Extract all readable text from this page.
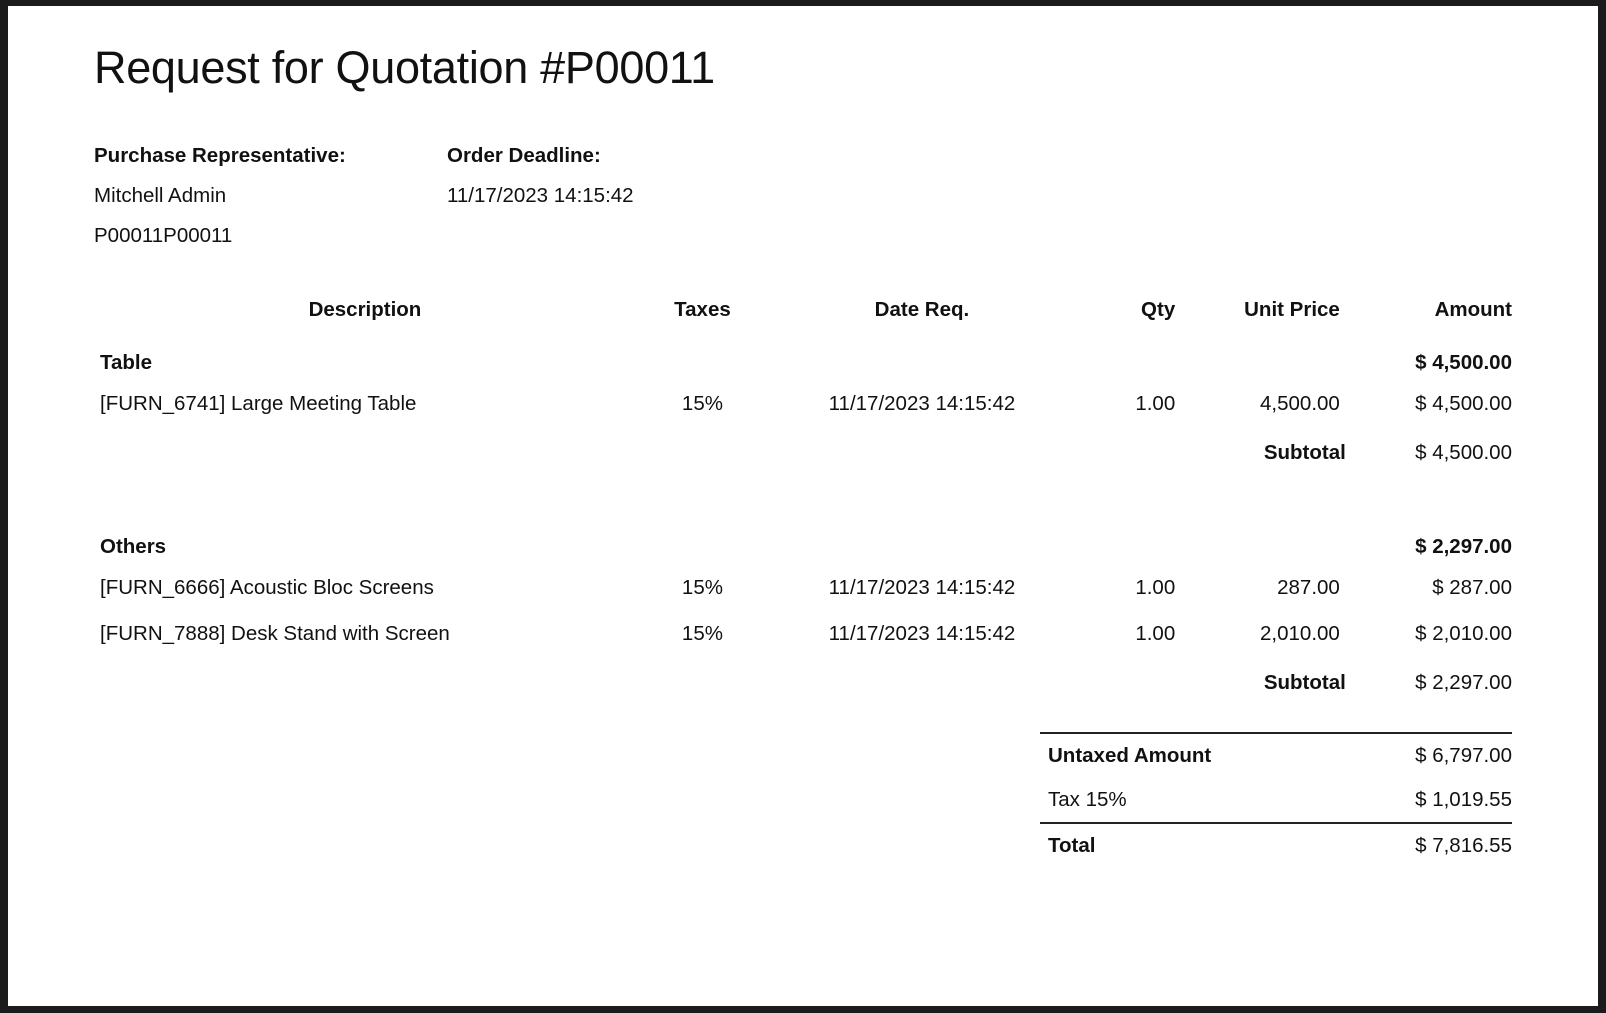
Request for Quotation #P00011
Purchase Representative:	Order Deadline:
Mitchell Admin	11/17/2023 14:15:42
P00011P00011
Description	Taxes	Date Req.	Qty	Unit Price	Amount
Table					$ 4,500.00
[FURN_6741] Large Meeting Table	15%	11/17/2023 14:15:42	1.00	4,500.00	$ 4,500.00
			Subtotal		$ 4,500.00

Others					$ 2,297.00
[FURN_6666] Acoustic Bloc Screens	15%	11/17/2023 14:15:42	1.00	287.00	$ 287.00
[FURN_7888] Desk Stand with Screen	15%	11/17/2023 14:15:42	1.00	2,010.00	$ 2,010.00
			Subtotal		$ 2,297.00
Untaxed Amount	$ 6,797.00
Tax 15%	$ 1,019.55
Total	$ 7,816.55
